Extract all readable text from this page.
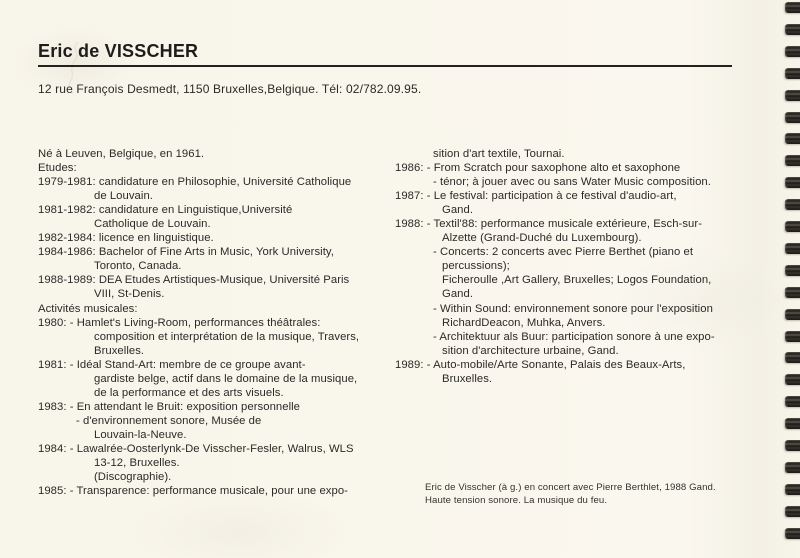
Eric de VISSCHER
12 rue François Desmedt, 1150 Bruxelles,Belgique. Tél: 02/782.09.95.
Né à Leuven, Belgique, en 1961.
Etudes:
1979-1981: candidature en Philosophie, Université Catholique
de Louvain.
1981-1982: candidature en Linguistique,Université
Catholique de Louvain.
1982-1984: licence en linguistique.
1984-1986: Bachelor of Fine Arts in Music, York University,
Toronto, Canada.
1988-1989: DEA Etudes Artistiques-Musique, Université Paris
VIII, St-Denis.
Activités musicales:
1980: - Hamlet's Living-Room, performances théâtrales:
composition et interprétation de la musique, Travers,
Bruxelles.
1981: - Idéal Stand-Art: membre de ce groupe avant-
gardiste belge, actif dans le domaine de la musique,
de la performance et des arts visuels.
1983: - En attendant le Bruit: exposition personnelle
- d'environnement sonore, Musée de
Louvain-la-Neuve.
1984: - Lawalrée-Oosterlynk-De Visscher-Fesler, Walrus, WLS
13-12, Bruxelles.
(Discographie).
1985: - Transparence: performance musicale, pour une expo-
sition d'art textile, Tournai.
1986: - From Scratch pour saxophone alto et saxophone
- ténor; à jouer avec ou sans Water Music composition.
1987: - Le festival: participation à ce festival d'audio-art,
Gand.
1988: - Textil'88: performance musicale extérieure, Esch-sur-
Alzette (Grand-Duché du Luxembourg).
- Concerts: 2 concerts avec Pierre Berthet (piano et
percussions);
Ficheroulle ,Art Gallery, Bruxelles; Logos Foundation,
Gand.
- Within Sound: environnement sonore pour l'exposition
RichardDeacon, Muhka, Anvers.
- Architektuur als Buur: participation sonore à une expo-
sition d'architecture urbaine, Gand.
1989: - Auto-mobile/Arte Sonante, Palais des Beaux-Arts,
Bruxelles.
Eric de Visscher (à g.) en concert avec Pierre Berthlet, 1988 Gand.
Haute tension sonore. La musique du feu.
